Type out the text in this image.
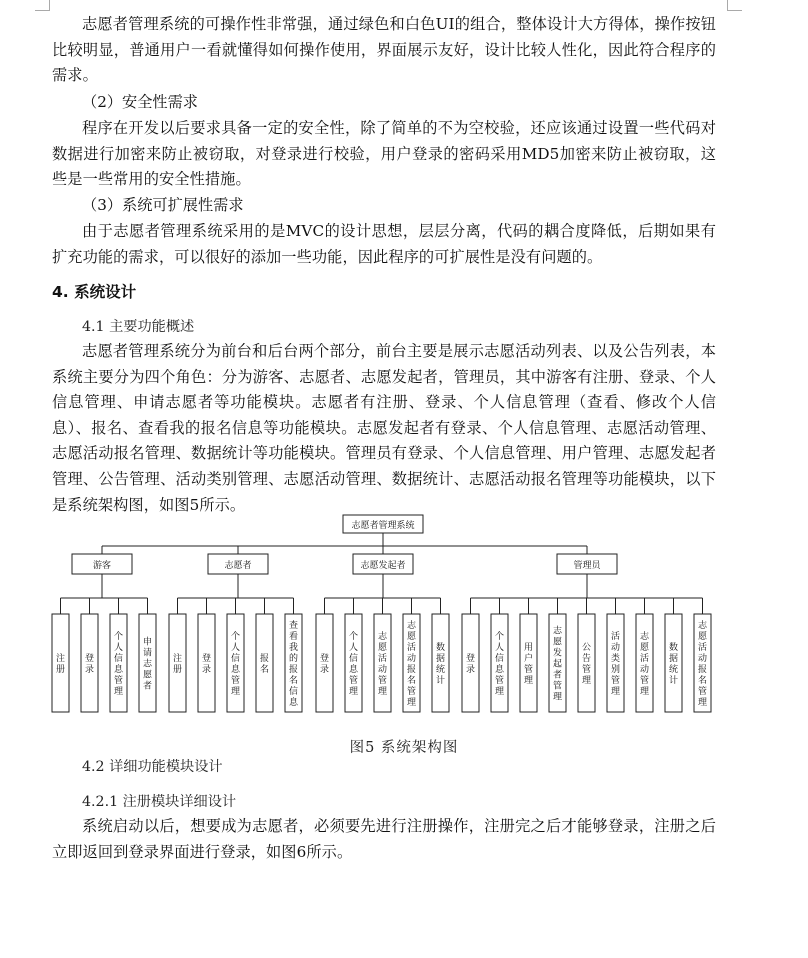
志愿者管理系统的可操作性非常强，通过绿色和白色UI的组合，整体设计大方得体，操作按钮比较明显，普通用户一看就懂得如何操作使用，界面展示友好，设计比较人性化，因此符合程序的需求。

（2）安全性需求

程序在开发以后要求具备一定的安全性，除了简单的不为空校验，还应该通过设置一些代码对数据进行加密来防止被窃取，对登录进行校验，用户登录的密码采用MD5加密来防止被窃取，这些是一些常用的安全性措施。

（3）系统可扩展性需求

由于志愿者管理系统采用的是MVC的设计思想，层层分离，代码的耦合度降低，后期如果有扩充功能的需求，可以很好的添加一些功能，因此程序的可扩展性是没有问题的。

4. 系统设计

4.1 主要功能概述

志愿者管理系统分为前台和后台两个部分，前台主要是展示志愿活动列表、以及公告列表，本系统主要分为四个角色：分为游客、志愿者、志愿发起者，管理员，其中游客有注册、登录、个人信息管理、申请志愿者等功能模块。志愿者有注册、登录、个人信息管理（查看、修改个人信息）、报名、查看我的报名信息等功能模块。志愿发起者有登录、个人信息管理、志愿活动管理、志愿活动报名管理、数据统计等功能模块。管理员有登录、个人信息管理、用户管理、志愿发起者管理、公告管理、活动类别管理、志愿活动管理、数据统计、志愿活动报名管理等功能模块，以下是系统架构图，如图5所示。

志愿者管理系统
游客
注册
登录
个人信息管理
申请志愿者
志愿者
注册
登录
个人信息管理
报名
查看我的报名信息
志愿发起者
登录
个人信息管理
志愿活动管理
志愿活动报名管理
数据统计
管理员
登录
个人信息管理
用户管理
志愿发起者管理
公告管理
活动类别管理
志愿活动管理
数据统计
志愿活动报名管理

图5 系统架构图

4.2 详细功能模块设计

4.2.1 注册模块详细设计

系统启动以后，想要成为志愿者，必须要先进行注册操作，注册完之后才能够登录，注册之后立即返回到登录界面进行登录，如图6所示。
